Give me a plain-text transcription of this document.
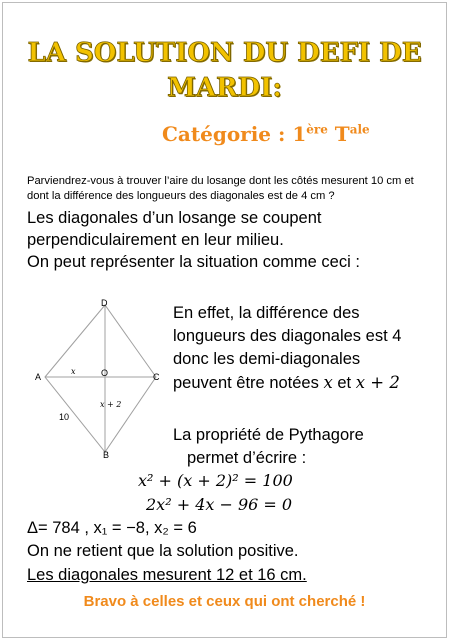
LA SOLUTION DU DEFI DE
MARDI:
Catégorie : 1ère $T^{ale}$
Parviendrez-vous à trouver l’aire du losange dont les côtés mesurent 10 cm et dont la différence des longueurs des diagonales est de 4 cm ?
Les diagonales d’un losange se coupent
perpendiculairement en leur milieu.
On peut représenter la situation comme ceci :
D
A	O	C
B
x
x + 2
10
En effet, la différence des
longueurs des diagonales est 4
donc les demi-diagonales
peuvent être notées x et x + 2
La propriété de Pythagore
permet d’écrire :
x² + (x + 2)² = 100
2x² + 4x − 96 = 0
Δ= 784 , x₁ = −8, x₂ = 6
On ne retient que la solution positive.
Les diagonales mesurent 12 et 16 cm.
Bravo à celles et ceux qui ont cherché !
